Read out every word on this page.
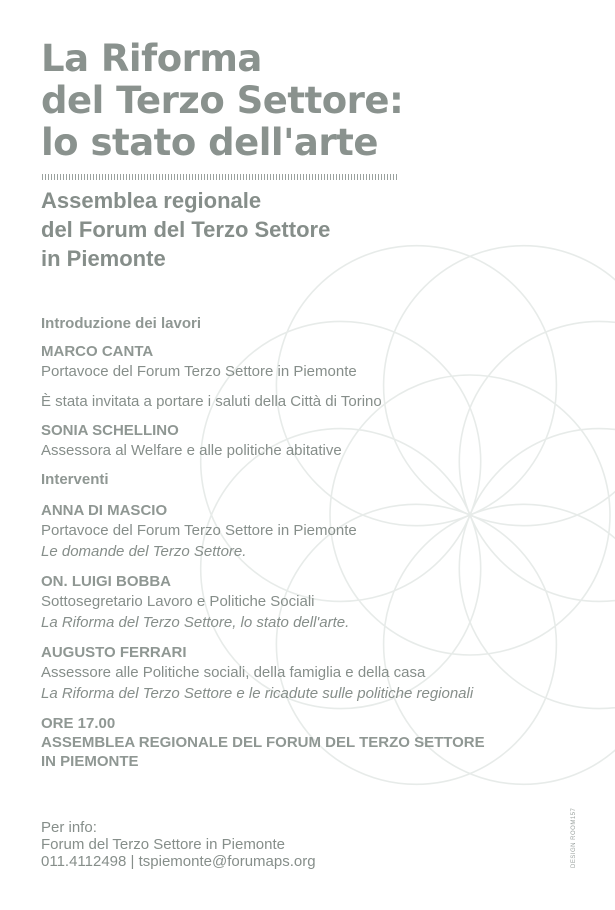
La Riforma
del Terzo Settore:
lo stato dell'arte
Assemblea regionale
del Forum del Terzo Settore
in Piemonte
Introduzione dei lavori
MARCO CANTA
Portavoce del Forum Terzo Settore in Piemonte
È stata invitata a portare i saluti della Città di Torino
SONIA SCHELLINO
Assessora al Welfare e alle politiche abitative
Interventi
ANNA DI MASCIO
Portavoce del Forum Terzo Settore in Piemonte
Le domande del Terzo Settore.
ON. LUIGI BOBBA
Sottosegretario Lavoro e Politiche Sociali
La Riforma del Terzo Settore, lo stato dell'arte.
AUGUSTO FERRARI
Assessore alle Politiche sociali, della famiglia e della casa
La Riforma del Terzo Settore e le ricadute sulle politiche regionali
ORE 17.00
ASSEMBLEA REGIONALE DEL FORUM DEL TERZO SETTORE
IN PIEMONTE
Per info:
Forum del Terzo Settore in Piemonte
011.4112498 | tspiemonte@forumaps.org	DESIGN ROOM157
